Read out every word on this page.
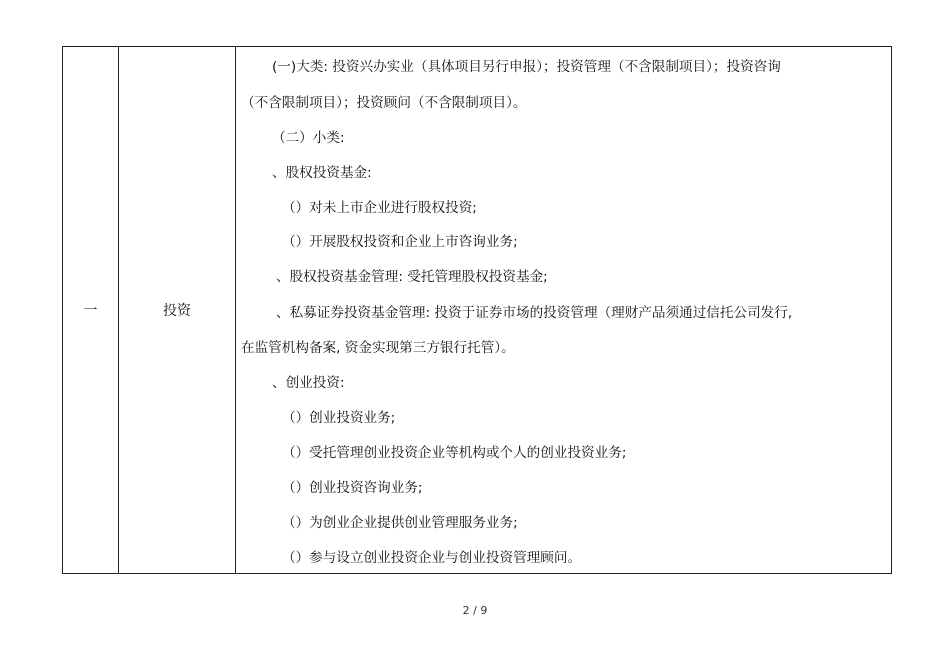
一	投资
(一)大类: 投资兴办实业（具体项目另行申报）；投资管理（不含限制项目）；投资咨询
（不含限制项目）；投资顾问（不含限制项目）。
（二）小类:
、股权投资基金:
（）对未上市企业进行股权投资;
（）开展股权投资和企业上市咨询业务;
、股权投资基金管理: 受托管理股权投资基金;
、私募证券投资基金管理: 投资于证券市场的投资管理（理财产品须通过信托公司发行,
在监管机构备案, 资金实现第三方银行托管）。
、创业投资:
（）创业投资业务;
（）受托管理创业投资企业等机构或个人的创业投资业务;
（）创业投资咨询业务;
（）为创业企业提供创业管理服务业务;
（）参与设立创业投资企业与创业投资管理顾问。
2 / 9
